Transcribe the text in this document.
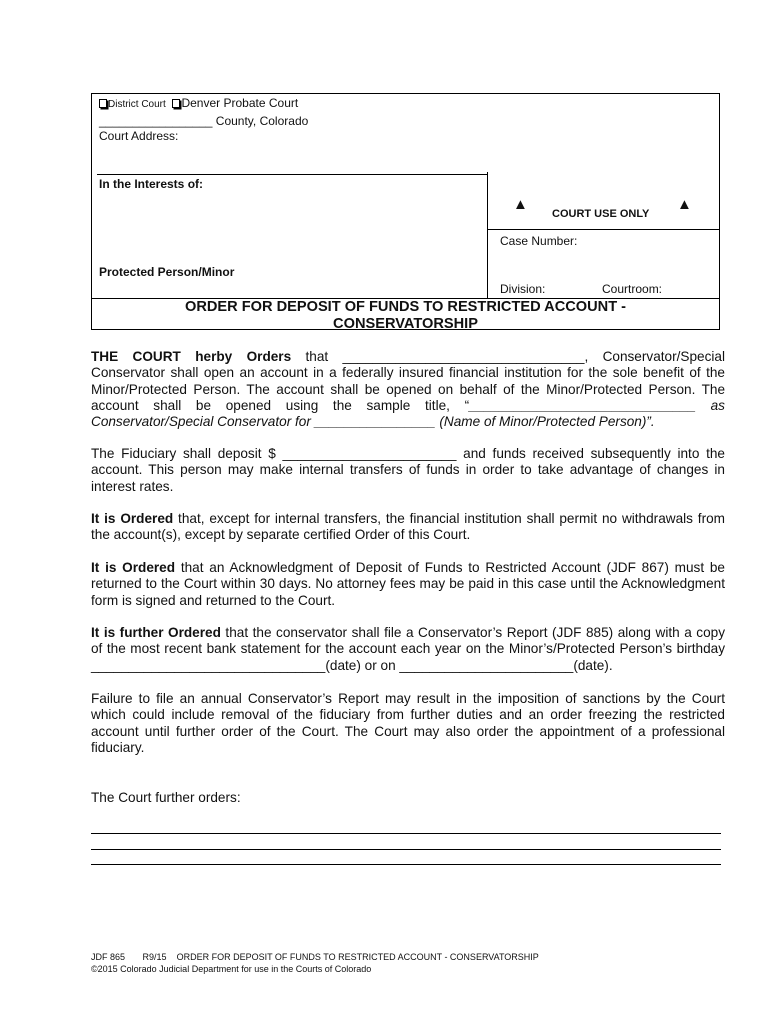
District Court Denver Probate Court
_________________ County, Colorado
Court Address:
In the Interests of:
Protected Person/Minor
▲
COURT USE ONLY
▲
Case Number:
Division:	Courtroom:
ORDER FOR DEPOSIT OF FUNDS TO RESTRICTED ACCOUNT -
CONSERVATORSHIP
THE COURT herby Orders that ________________________________, Conservator/Special Conservator shall open an account in a federally insured financial institution for the sole benefit of the Minor/Protected Person. The account shall be opened on behalf of the Minor/Protected Person. The account shall be opened using the sample title, “______________________________ as Conservator/Special Conservator for ________________ (Name of Minor/Protected Person)”.
The Fiduciary shall deposit $ _______________________ and funds received subsequently into the account. This person may make internal transfers of funds in order to take advantage of changes in interest rates.
It is Ordered that, except for internal transfers, the financial institution shall permit no withdrawals from the account(s), except by separate certified Order of this Court.
It is Ordered that an Acknowledgment of Deposit of Funds to Restricted Account (JDF 867) must be returned to the Court within 30 days. No attorney fees may be paid in this case until the Acknowledgment form is signed and returned to the Court.
It is further Ordered that the conservator shall file a Conservator’s Report (JDF 885) along with a copy of the most recent bank statement for the account each year on the Minor’s/Protected Person’s birthday _______________________________(date) or on _______________________(date).
Failure to file an annual Conservator’s Report may result in the imposition of sanctions by the Court which could include removal of the fiduciary from further duties and an order freezing the restricted account until further order of the Court. The Court may also order the appointment of a professional fiduciary.
The Court further orders:
JDF 865 R9/15 ORDER FOR DEPOSIT OF FUNDS TO RESTRICTED ACCOUNT - CONSERVATORSHIP
©2015 Colorado Judicial Department for use in the Courts of Colorado
